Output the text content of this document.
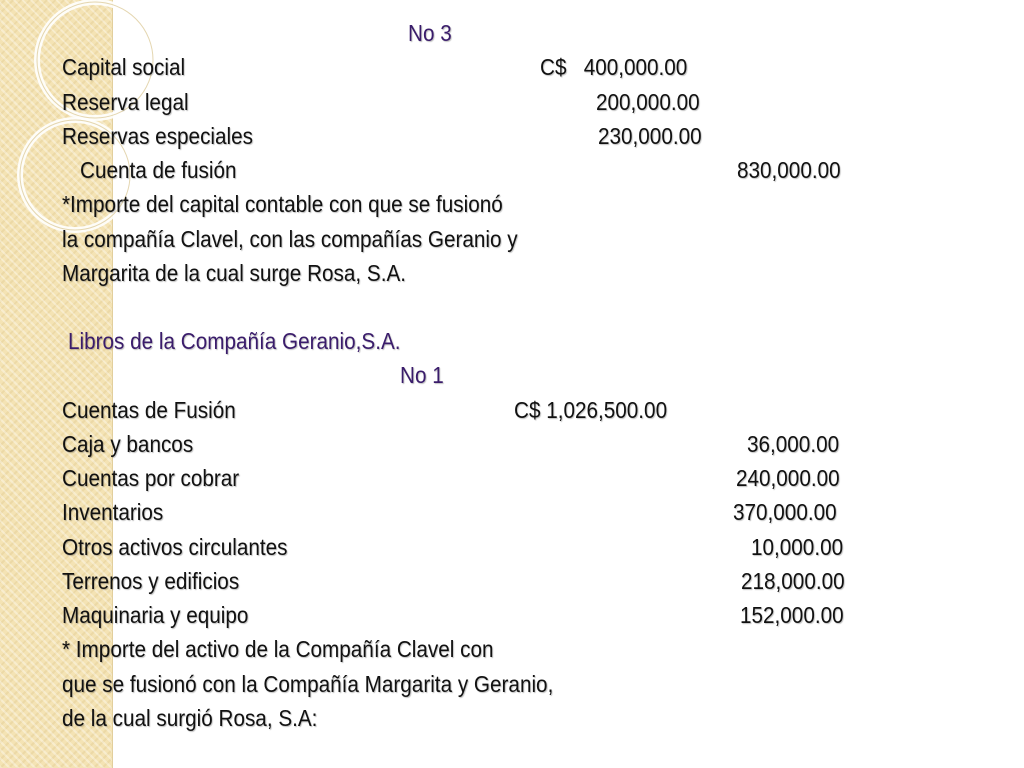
No 3
Capital social	C$   400,000.00
Reserva legal	200,000.00
Reservas especiales	230,000.00
Cuenta de fusión	830,000.00
*Importe del capital contable con que se fusionó
la compañía Clavel, con las compañías Geranio y
Margarita de la cual surge Rosa, S.A.
Libros de la Compañía Geranio,S.A.
No 1
Cuentas de Fusión	C$ 1,026,500.00
Caja y bancos	36,000.00
Cuentas por cobrar	240,000.00
Inventarios	370,000.00
Otros activos circulantes	10,000.00
Terrenos y edificios	218,000.00
Maquinaria y equipo	152,000.00
* Importe del activo de la Compañía Clavel con
que se fusionó con la Compañía Margarita y Geranio,
de la cual surgió Rosa, S.A:
